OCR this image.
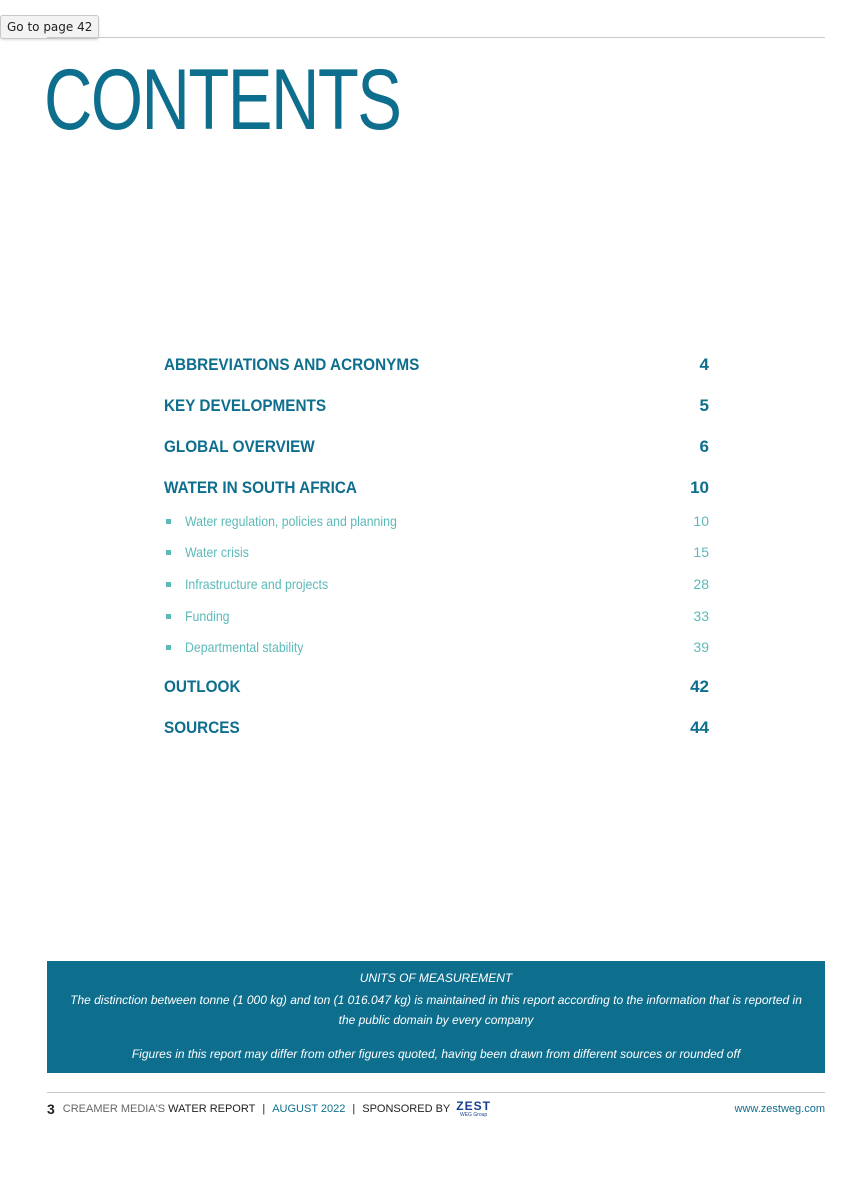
Go to page 42
CONTENTS
ABBREVIATIONS AND ACRONYMS	4
KEY DEVELOPMENTS	5
GLOBAL OVERVIEW	6
WATER IN SOUTH AFRICA	10
Water regulation, policies and planning	10
Water crisis	15
Infrastructure and projects	28
Funding	33
Departmental stability	39
OUTLOOK	42
SOURCES	44
UNITS OF MEASUREMENT
The distinction between tonne (1 000 kg) and ton (1 016.047 kg) is maintained in this report according to the information that is reported in the public domain by every company
Figures in this report may differ from other figures quoted, having been drawn from different sources or rounded off
3 CREAMER MEDIA'S WATER REPORT | AUGUST 2022 | SPONSORED BY ZEST
WEG Group	www.zestweg.com
